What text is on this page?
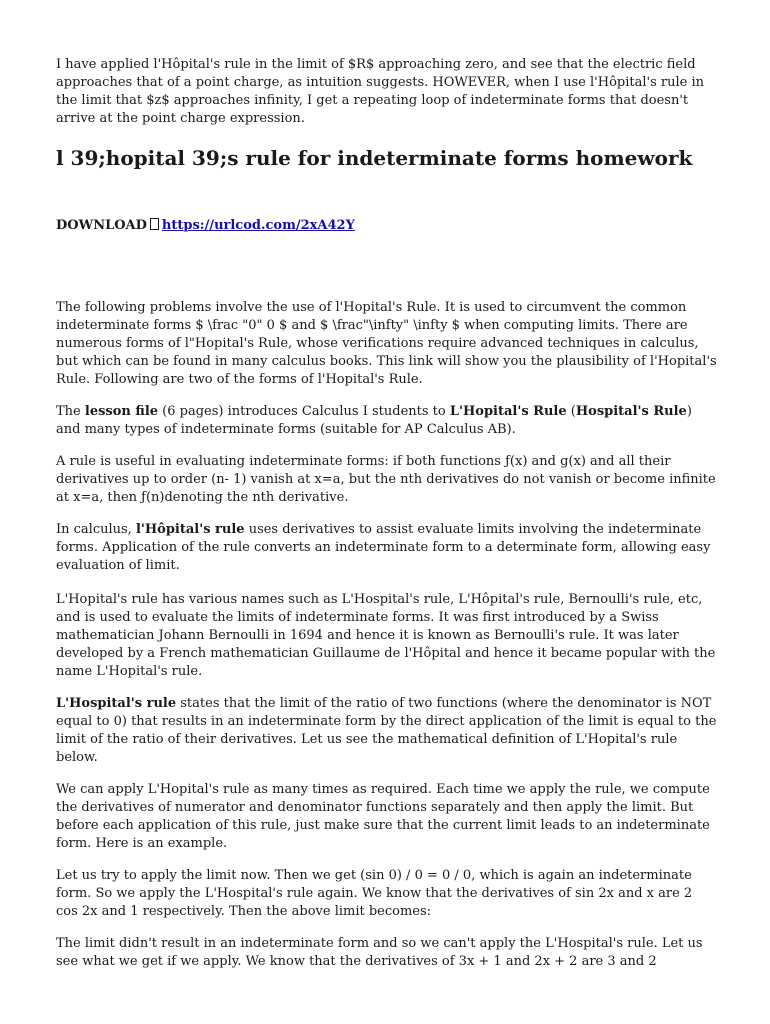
I have applied l'Hôpital's rule in the limit of $R$ approaching zero, and see that the electric field approaches that of a point charge, as intuition suggests. HOWEVER, when I use l'Hôpital's rule in the limit that $z$ approaches infinity, I get a repeating loop of indeterminate forms that doesn't arrive at the point charge expression.

l 39;hopital 39;s rule for indeterminate forms homework

DOWNLOAD https://urlcod.com/2xA42Y

The following problems involve the use of l'Hopital's Rule. It is used to circumvent the common indeterminate forms $ \frac "0" 0 $ and $ \frac"\infty" \infty $ when computing limits. There are numerous forms of l"Hopital's Rule, whose verifications require advanced techniques in calculus, but which can be found in many calculus books. This link will show you the plausibility of l'Hopital's Rule. Following are two of the forms of l'Hopital's Rule.

The lesson file (6 pages) introduces Calculus I students to L'Hopital's Rule (Hospital's Rule) and many types of indeterminate forms (suitable for AP Calculus AB).

A rule is useful in evaluating indeterminate forms: if both functions ƒ(x) and g(x) and all their derivatives up to order (n- 1) vanish at x=a, but the nth derivatives do not vanish or become infinite at x=a, then ƒ(n)denoting the nth derivative.

In calculus, l'Hôpital's rule uses derivatives to assist evaluate limits involving the indeterminate forms. Application of the rule converts an indeterminate form to a determinate form, allowing easy evaluation of limit.

L'Hopital's rule has various names such as L'Hospital's rule, L'Hôpital's rule, Bernoulli's rule, etc, and is used to evaluate the limits of indeterminate forms. It was first introduced by a Swiss mathematician Johann Bernoulli in 1694 and hence it is known as Bernoulli's rule. It was later developed by a French mathematician Guillaume de l'Hôpital and hence it became popular with the name L'Hopital's rule.

L'Hospital's rule states that the limit of the ratio of two functions (where the denominator is NOT equal to 0) that results in an indeterminate form by the direct application of the limit is equal to the limit of the ratio of their derivatives. Let us see the mathematical definition of L'Hopital's rule below.

We can apply L'Hopital's rule as many times as required. Each time we apply the rule, we compute the derivatives of numerator and denominator functions separately and then apply the limit. But before each application of this rule, just make sure that the current limit leads to an indeterminate form. Here is an example.

Let us try to apply the limit now. Then we get (sin 0) / 0 = 0 / 0, which is again an indeterminate form. So we apply the L'Hospital's rule again. We know that the derivatives of sin 2x and x are 2 cos 2x and 1 respectively. Then the above limit becomes:

The limit didn't result in an indeterminate form and so we can't apply the L'Hospital's rule. Let us see what we get if we apply. We know that the derivatives of 3x + 1 and 2x + 2 are 3 and 2
